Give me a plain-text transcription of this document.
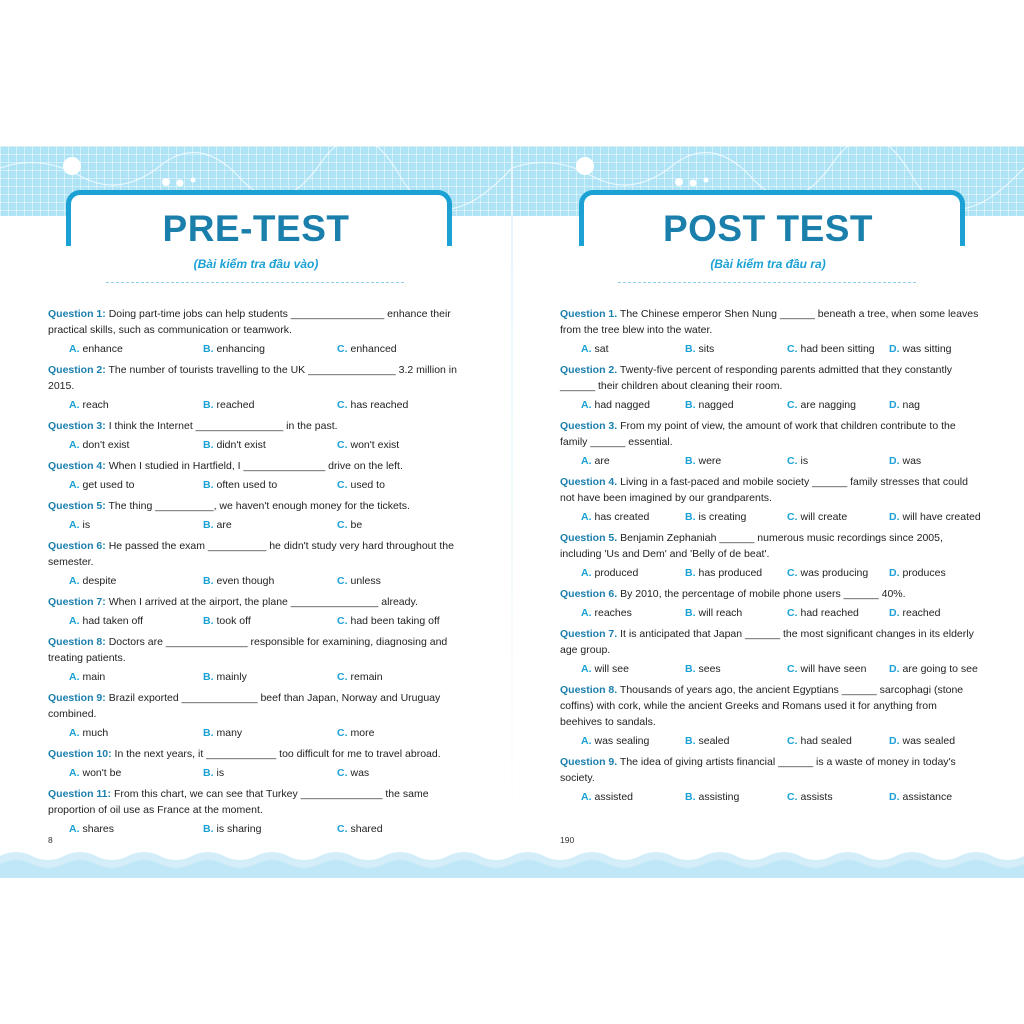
PRE-TEST
(Bài kiểm tra đầu vào)
Question 1: Doing part-time jobs can help students ________________ enhance their practical skills, such as communication or teamwork.
A. enhance	B. enhancing	C. enhanced
Question 2: The number of tourists travelling to the UK _______________ 3.2 million in 2015.
A. reach	B. reached	C. has reached
Question 3: I think the Internet _______________ in the past.
A. don't exist	B. didn't exist	C. won't exist
Question 4: When I studied in Hartfield, I ______________ drive on the left.
A. get used to	B. often used to	C. used to
Question 5: The thing __________, we haven't enough money for the tickets.
A. is	B. are	C. be
Question 6: He passed the exam __________ he didn't study very hard throughout the semester.
A. despite	B. even though	C. unless
Question 7: When I arrived at the airport, the plane _______________ already.
A. had taken off	B. took off	C. had been taking off
Question 8: Doctors are ______________ responsible for examining, diagnosing and treating patients.
A. main	B. mainly	C. remain
Question 9: Brazil exported _____________ beef than Japan, Norway and Uruguay combined.
A. much	B. many	C. more
Question 10: In the next years, it ____________ too difficult for me to travel abroad.
A. won't be	B. is	C. was
Question 11: From this chart, we can see that Turkey ______________ the same proportion of oil use as France at the moment.
A. shares	B. is sharing	C. shared
8
POST TEST
(Bài kiểm tra đầu ra)
Question 1. The Chinese emperor Shen Nung ______ beneath a tree, when some leaves from the tree blew into the water.
A. sat	B. sits	C. had been sitting	D. was sitting
Question 2. Twenty-five percent of responding parents admitted that they constantly ______ their children about cleaning their room.
A. had nagged	B. nagged	C. are nagging	D. nag
Question 3. From my point of view, the amount of work that children contribute to the family ______ essential.
A. are	B. were	C. is	D. was
Question 4. Living in a fast-paced and mobile society ______ family stresses that could not have been imagined by our grandparents.
A. has created	B. is creating	C. will create	D. will have created
Question 5. Benjamin Zephaniah ______ numerous music recordings since 2005, including 'Us and Dem' and 'Belly of de beat'.
A. produced	B. has produced	C. was producing	D. produces
Question 6. By 2010, the percentage of mobile phone users ______ 40%.
A. reaches	B. will reach	C. had reached	D. reached
Question 7. It is anticipated that Japan ______ the most significant changes in its elderly age group.
A. will see	B. sees	C. will have seen	D. are going to see
Question 8. Thousands of years ago, the ancient Egyptians ______ sarcophagi (stone coffins) with cork, while the ancient Greeks and Romans used it for anything from beehives to sandals.
A. was sealing	B. sealed	C. had sealed	D. was sealed
Question 9. The idea of giving artists financial ______ is a waste of money in today's society.
A. assisted	B. assisting	C. assists	D. assistance
190
